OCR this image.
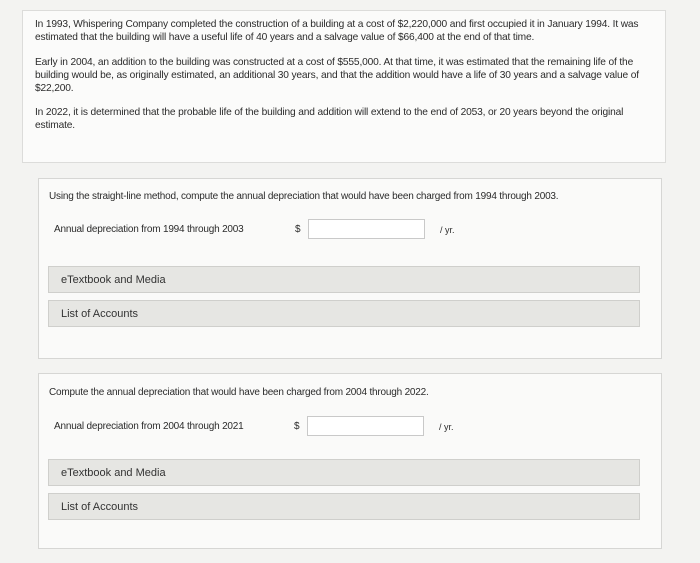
In 1993, Whispering Company completed the construction of a building at a cost of $2,220,000 and first occupied it in January 1994. It was estimated that the building will have a useful life of 40 years and a salvage value of $66,400 at the end of that time.

Early in 2004, an addition to the building was constructed at a cost of $555,000. At that time, it was estimated that the remaining life of the building would be, as originally estimated, an additional 30 years, and that the addition would have a life of 30 years and a salvage value of $22,200.

In 2022, it is determined that the probable life of the building and addition will extend to the end of 2053, or 20 years beyond the original estimate.

Using the straight-line method, compute the annual depreciation that would have been charged from 1994 through 2003.
Annual depreciation from 1994 through 2003	$	/ yr.
eTextbook and Media
List of Accounts
Compute the annual depreciation that would have been charged from 2004 through 2022.
Annual depreciation from 2004 through 2021	$	/ yr.
eTextbook and Media
List of Accounts
